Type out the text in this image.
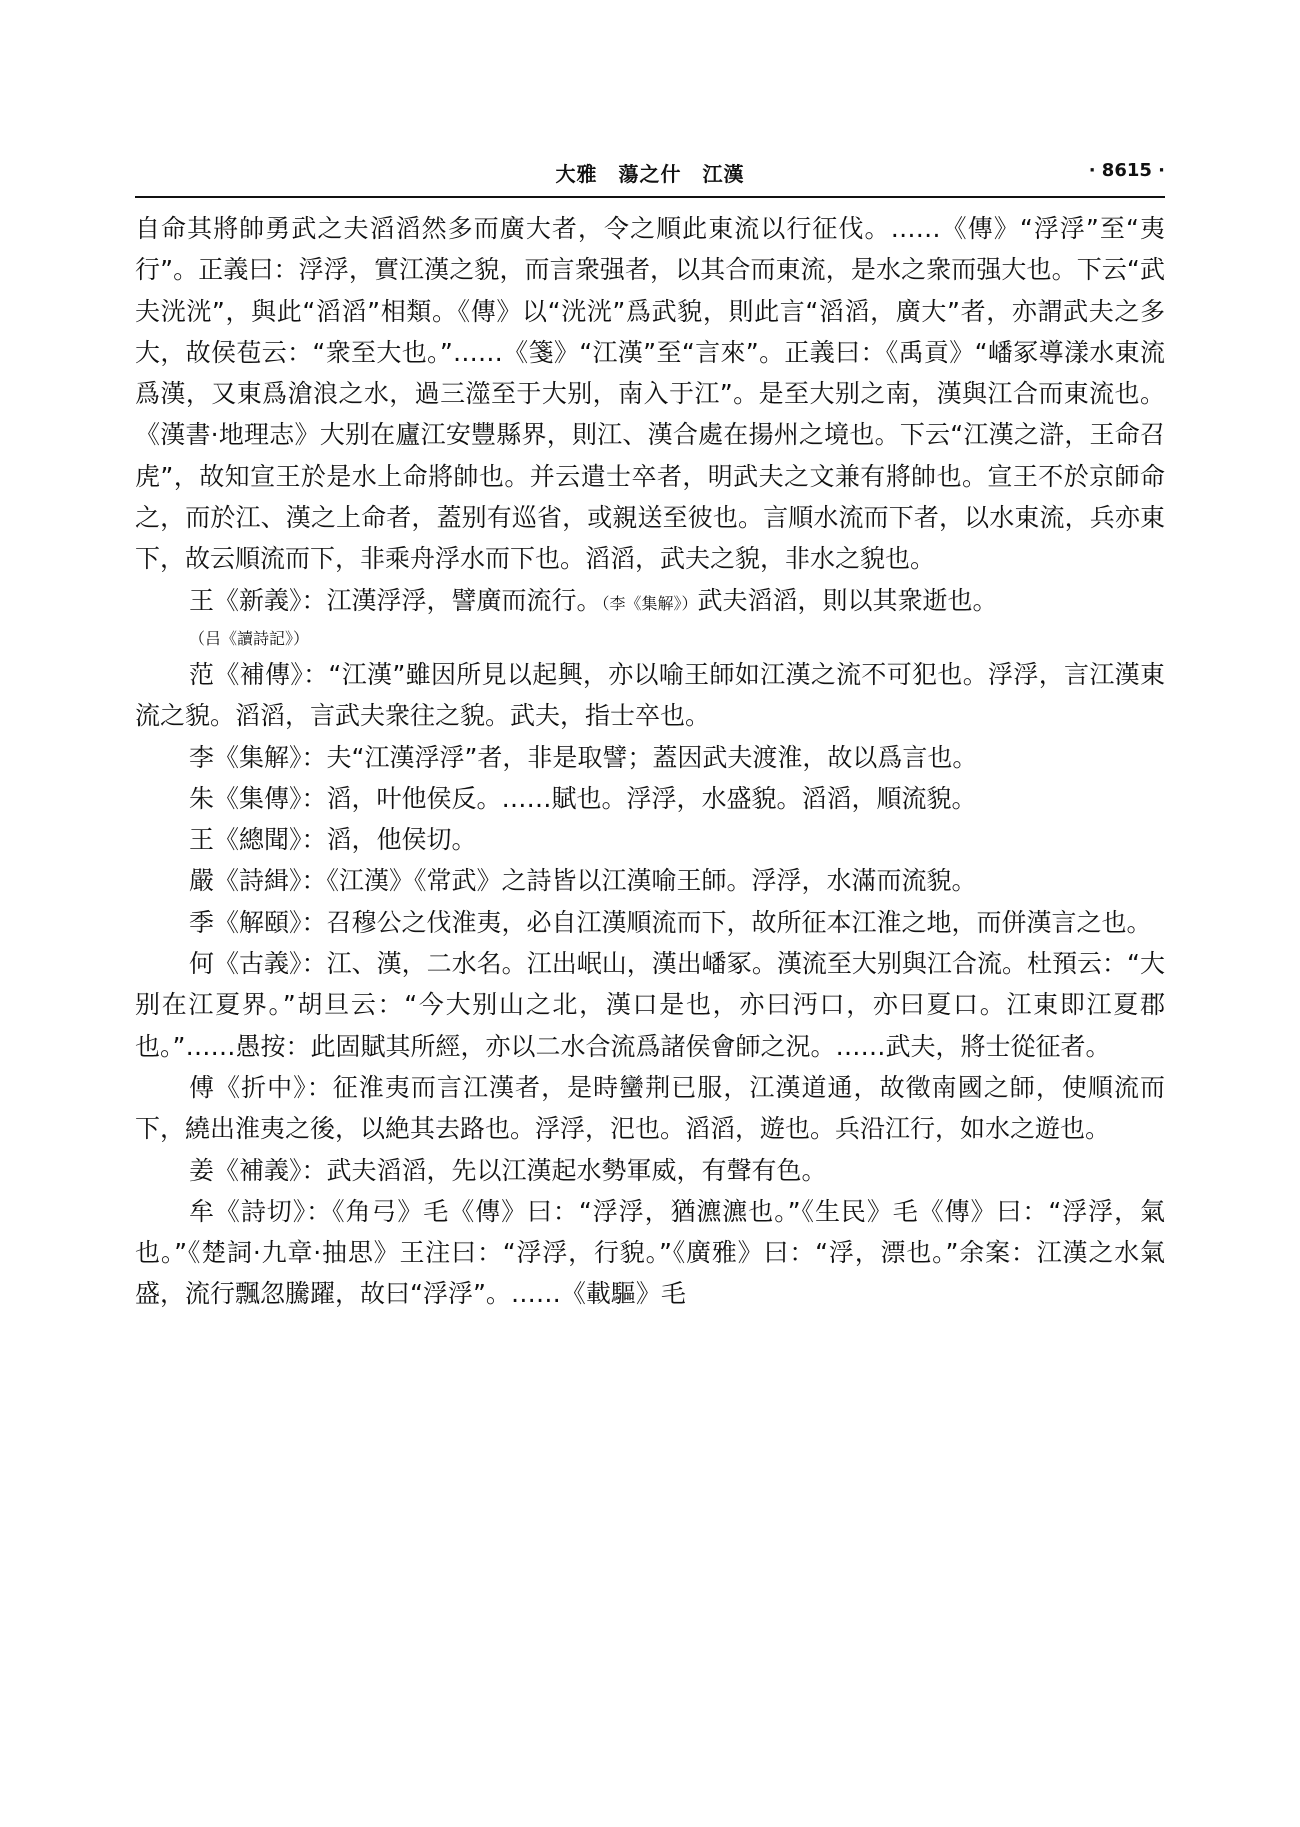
大雅　蕩之什　江漢	· 8615 ·

自命其將帥勇武之夫滔滔然多而廣大者，令之順此東流以行征伐。……《傳》“浮浮”至“夷行”。正義曰：浮浮，實江漢之貌，而言衆强者，以其合而東流，是水之衆而强大也。下云“武夫洸洸”，與此“滔滔”相類。《傳》以“洸洸”爲武貌，則此言“滔滔，廣大”者，亦謂武夫之多大，故侯苞云：“衆至大也。”……《箋》“江漢”至“言來”。正義曰：《禹貢》“嶓冢導漾水東流爲漢，又東爲滄浪之水，過三澨至于大别，南入于江”。是至大别之南，漢與江合而東流也。《漢書·地理志》大别在廬江安豐縣界，則江、漢合處在揚州之境也。下云“江漢之滸，王命召虎”，故知宣王於是水上命將帥也。并云遣士卒者，明武夫之文兼有將帥也。宣王不於京師命之，而於江、漢之上命者，蓋别有巡省，或親送至彼也。言順水流而下者，以水東流，兵亦東下，故云順流而下，非乘舟浮水而下也。滔滔，武夫之貌，非水之貌也。

王《新義》：江漢浮浮，譬廣而流行。（李《集解》）武夫滔滔，則以其衆逝也。
（吕《讀詩記》）

范《補傳》：“江漢”雖因所見以起興，亦以喻王師如江漢之流不可犯也。浮浮，言江漢東流之貌。滔滔，言武夫衆往之貌。武夫，指士卒也。

李《集解》：夫“江漢浮浮”者，非是取譬；蓋因武夫渡淮，故以爲言也。

朱《集傳》：滔，叶他侯反。……賦也。浮浮，水盛貌。滔滔，順流貌。

王《總聞》：滔，他侯切。

嚴《詩緝》：《江漢》《常武》之詩皆以江漢喻王師。浮浮，水滿而流貌。

季《解頤》：召穆公之伐淮夷，必自江漢順流而下，故所征本江淮之地，而併漢言之也。

何《古義》：江、漢，二水名。江出岷山，漢出嶓冢。漢流至大别與江合流。杜預云：“大别在江夏界。”胡旦云：“今大别山之北，漢口是也，亦曰沔口，亦曰夏口。江東即江夏郡也。”……愚按：此固賦其所經，亦以二水合流爲諸侯會師之況。……武夫，將士從征者。

傅《折中》：征淮夷而言江漢者，是時蠻荆已服，江漢道通，故徵南國之師，使順流而下，繞出淮夷之後，以絶其去路也。浮浮，汜也。滔滔，遊也。兵沿江行，如水之遊也。

姜《補義》：武夫滔滔，先以江漢起水勢軍威，有聲有色。

牟《詩切》：《角弓》毛《傳》曰：“浮浮，猶瀌瀌也。”《生民》毛《傳》曰：“浮浮，氣也。”《楚詞·九章·抽思》王注曰：“浮浮，行貌。”《廣雅》曰：“浮，漂也。”余案：江漢之水氣盛，流行飄忽騰躍，故曰“浮浮”。……《載驅》毛
